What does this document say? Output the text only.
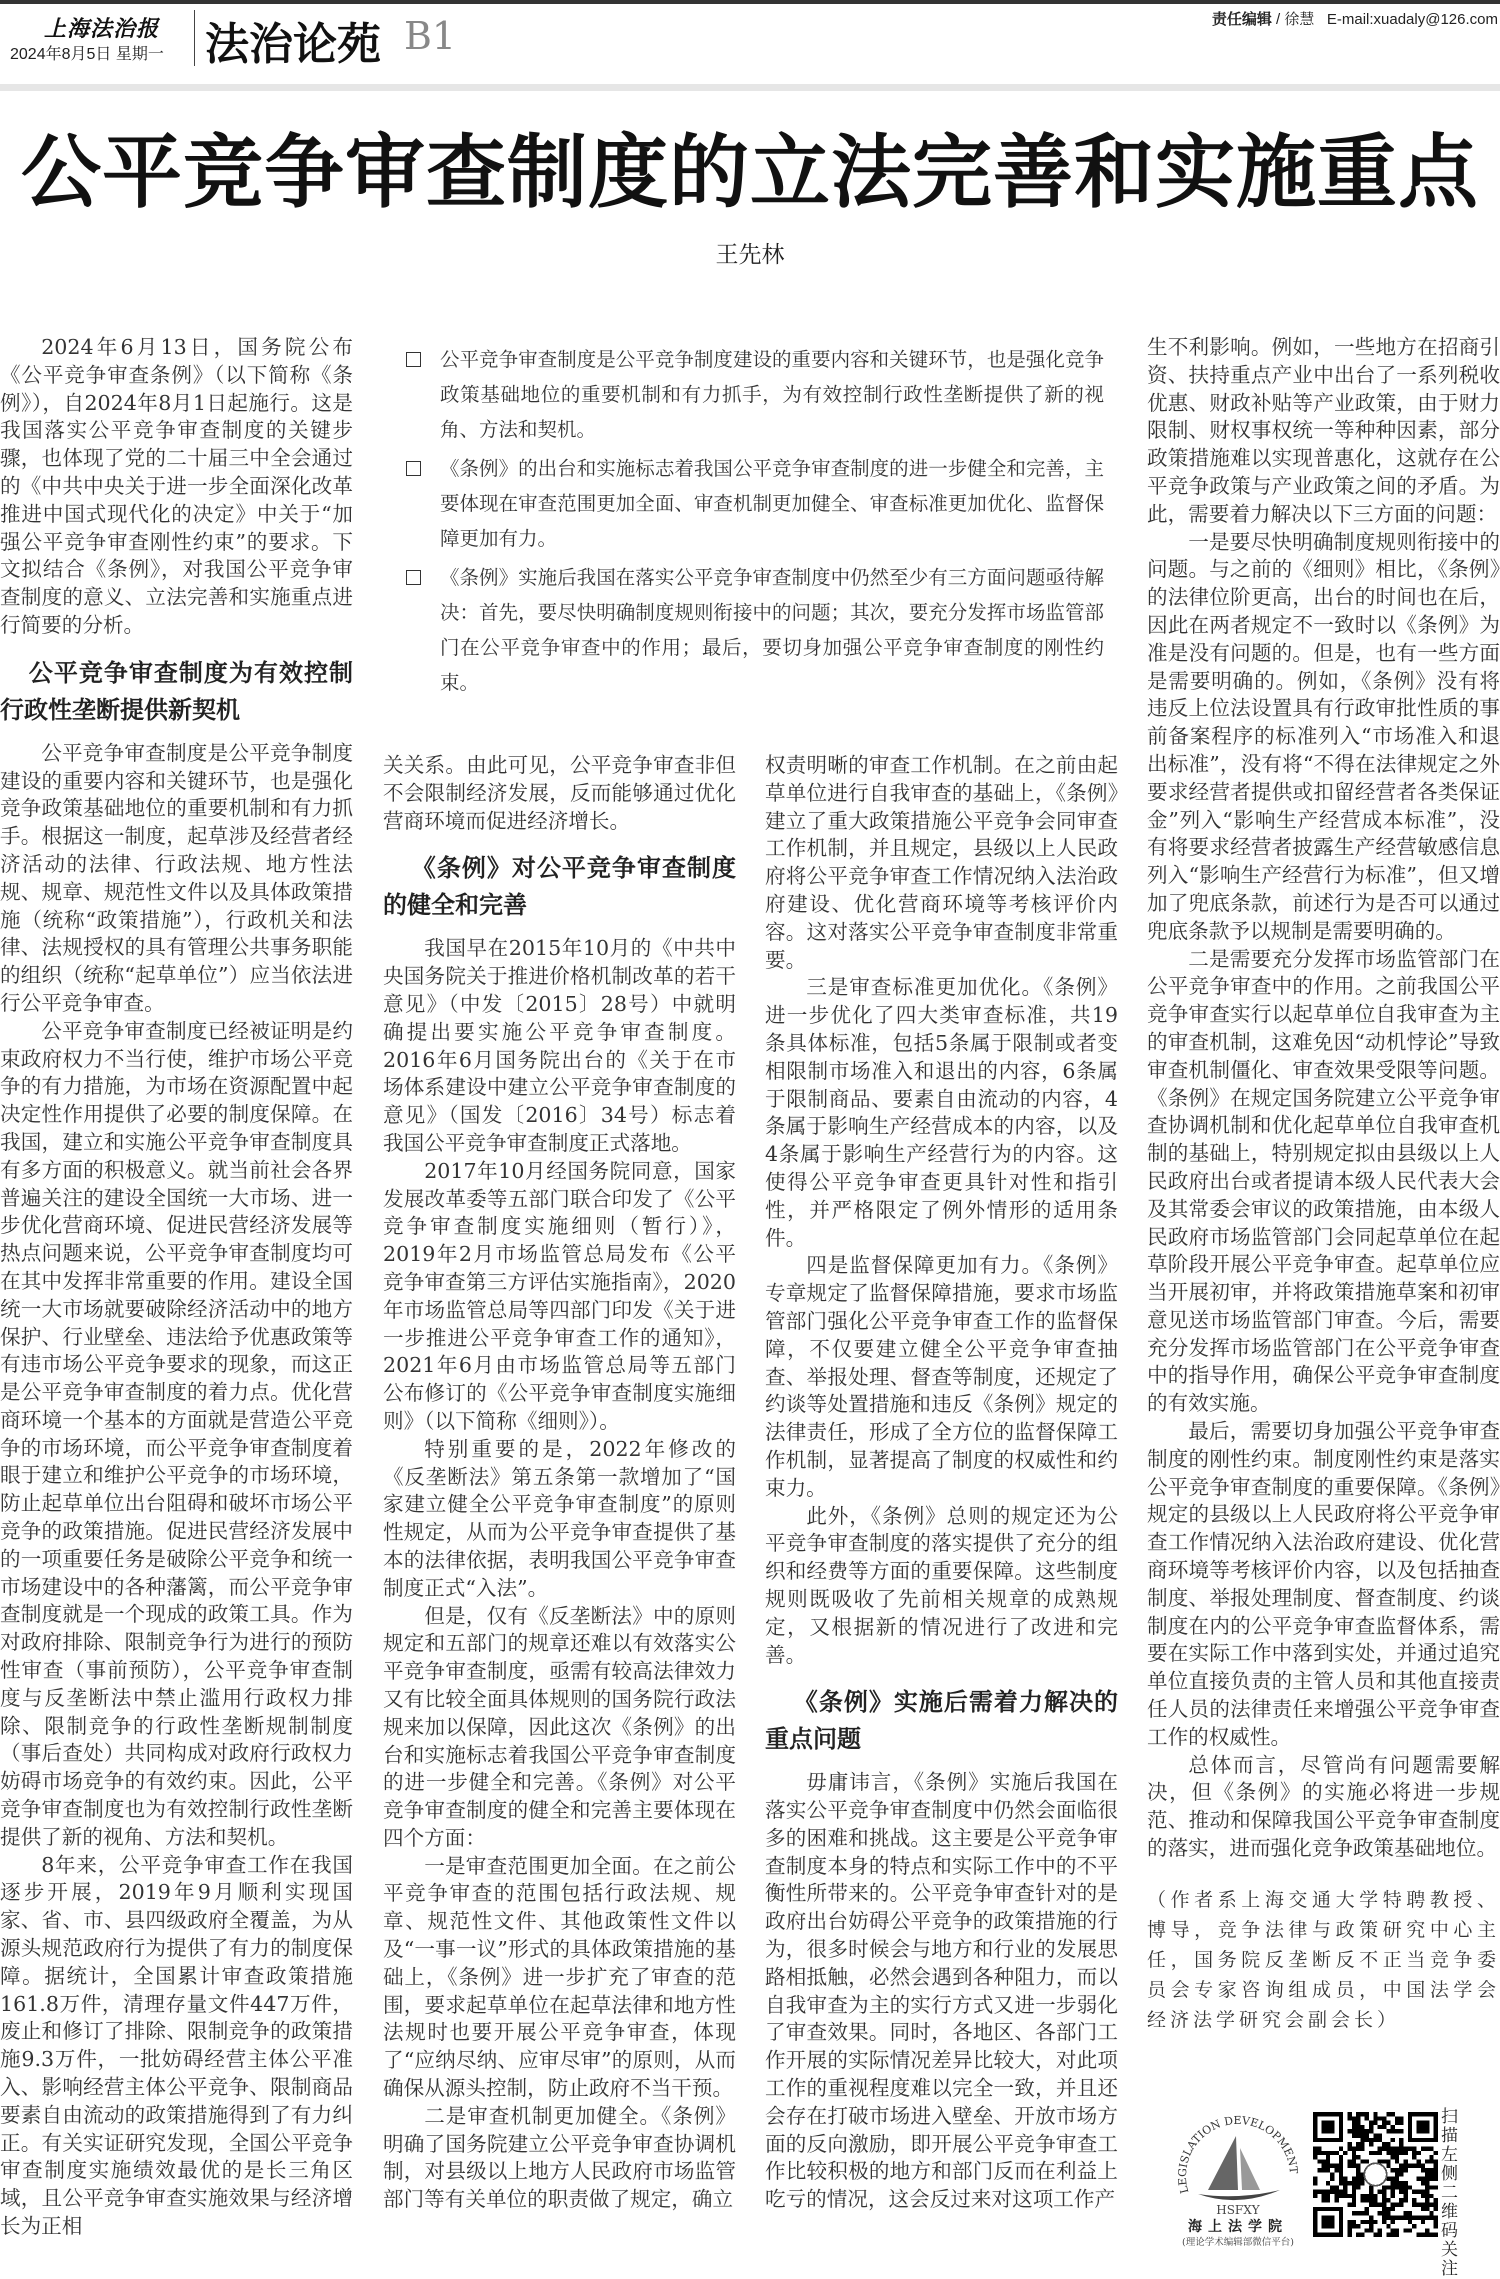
上海法治报
2024年8月5日 星期一 法治论苑 B1	责任编辑 / 徐慧 E-mail:xuadaly@126.com
公平竞争审查制度的立法完善和实施重点
王先林
公平竞争审查制度是公平竞争制度建设的重要内容和关键环节，也是强化竞争政策基础地位的重要机制和有力抓手，为有效控制行政性垄断提供了新的视角、方法和契机。
《条例》的出台和实施标志着我国公平竞争审查制度的进一步健全和完善，主要体现在审查范围更加全面、审查机制更加健全、审查标准更加优化、监督保障更加有力。
《条例》实施后我国在落实公平竞争审查制度中仍然至少有三方面问题亟待解决：首先，要尽快明确制度规则衔接中的问题；其次，要充分发挥市场监管部门在公平竞争审查中的作用；最后，要切身加强公平竞争审查制度的刚性约束。

2024年6月13日，国务院公布《公平竞争审查条例》（以下简称《条例》），自2024年8月1日起施行。这是我国落实公平竞争审查制度的关键步骤，也体现了党的二十届三中全会通过的《中共中央关于进一步全面深化改革推进中国式现代化的决定》中关于“加强公平竞争审查刚性约束”的要求。下文拟结合《条例》，对我国公平竞争审查制度的意义、立法完善和实施重点进行简要的分析。

公平竞争审查制度为有效控制行政性垄断提供新契机

公平竞争审查制度是公平竞争制度建设的重要内容和关键环节，也是强化竞争政策基础地位的重要机制和有力抓手。根据这一制度，起草涉及经营者经济活动的法律、行政法规、地方性法规、规章、规范性文件以及具体政策措施（统称“政策措施”），行政机关和法律、法规授权的具有管理公共事务职能的组织（统称“起草单位”）应当依法进行公平竞争审查。

公平竞争审查制度已经被证明是约束政府权力不当行使，维护市场公平竞争的有力措施，为市场在资源配置中起决定性作用提供了必要的制度保障。在我国，建立和实施公平竞争审查制度具有多方面的积极意义。就当前社会各界普遍关注的建设全国统一大市场、进一步优化营商环境、促进民营经济发展等热点问题来说，公平竞争审查制度均可在其中发挥非常重要的作用。建设全国统一大市场就要破除经济活动中的地方保护、行业壁垒、违法给予优惠政策等有违市场公平竞争要求的现象，而这正是公平竞争审查制度的着力点。优化营商环境一个基本的方面就是营造公平竞争的市场环境，而公平竞争审查制度着眼于建立和维护公平竞争的市场环境，防止起草单位出台阻碍和破坏市场公平竞争的政策措施。促进民营经济发展中的一项重要任务是破除公平竞争和统一市场建设中的各种藩篱，而公平竞争审查制度就是一个现成的政策工具。作为对政府排除、限制竞争行为进行的预防性审查（事前预防），公平竞争审查制度与反垄断法中禁止滥用行政权力排除、限制竞争的行政性垄断规制制度（事后查处）共同构成对政府行政权力妨碍市场竞争的有效约束。因此，公平竞争审查制度也为有效控制行政性垄断提供了新的视角、方法和契机。

8年来，公平竞争审查工作在我国逐步开展，2019年9月顺利实现国家、省、市、县四级政府全覆盖，为从源头规范政府行为提供了有力的制度保障。据统计，全国累计审查政策措施161.8万件，清理存量文件447万件，废止和修订了排除、限制竞争的政策措施9.3万件，一批妨碍经营主体公平准入、影响经营主体公平竞争、限制商品要素自由流动的政策措施得到了有力纠正。有关实证研究发现，全国公平竞争审查制度实施绩效最优的是长三角区域，且公平竞争审查实施效果与经济增长为正相

关关系。由此可见，公平竞争审查非但不会限制经济发展，反而能够通过优化营商环境而促进经济增长。

《条例》对公平竞争审查制度的健全和完善

我国早在2015年10月的《中共中央国务院关于推进价格机制改革的若干意见》（中发〔2015〕28号）中就明确提出要实施公平竞争审查制度。2016年6月国务院出台的《关于在市场体系建设中建立公平竞争审查制度的意见》（国发〔2016〕34号）标志着我国公平竞争审查制度正式落地。

2017年10月经国务院同意，国家发展改革委等五部门联合印发了《公平竞争审查制度实施细则（暂行）》，2019年2月市场监管总局发布《公平竞争审查第三方评估实施指南》，2020年市场监管总局等四部门印发《关于进一步推进公平竞争审查工作的通知》，2021年6月由市场监管总局等五部门公布修订的《公平竞争审查制度实施细则》（以下简称《细则》）。

特别重要的是，2022年修改的《反垄断法》第五条第一款增加了“国家建立健全公平竞争审查制度”的原则性规定，从而为公平竞争审查提供了基本的法律依据，表明我国公平竞争审查制度正式“入法”。

但是，仅有《反垄断法》中的原则规定和五部门的规章还难以有效落实公平竞争审查制度，亟需有较高法律效力又有比较全面具体规则的国务院行政法规来加以保障，因此这次《条例》的出台和实施标志着我国公平竞争审查制度的进一步健全和完善。《条例》对公平竞争审查制度的健全和完善主要体现在四个方面：

一是审查范围更加全面。在之前公平竞争审查的范围包括行政法规、规章、规范性文件、其他政策性文件以及“一事一议”形式的具体政策措施的基础上，《条例》进一步扩充了审查的范围，要求起草单位在起草法律和地方性法规时也要开展公平竞争审查，体现了“应纳尽纳、应审尽审”的原则，从而确保从源头控制，防止政府不当干预。

二是审查机制更加健全。《条例》明确了国务院建立公平竞争审查协调机制，对县级以上地方人民政府市场监管部门等有关单位的职责做了规定，确立

权责明晰的审查工作机制。在之前由起草单位进行自我审查的基础上，《条例》建立了重大政策措施公平竞争会同审查工作机制，并且规定，县级以上人民政府将公平竞争审查工作情况纳入法治政府建设、优化营商环境等考核评价内容。这对落实公平竞争审查制度非常重要。

三是审查标准更加优化。《条例》进一步优化了四大类审查标准，共19条具体标准，包括5条属于限制或者变相限制市场准入和退出的内容，6条属于限制商品、要素自由流动的内容，4条属于影响生产经营成本的内容，以及4条属于影响生产经营行为的内容。这使得公平竞争审查更具针对性和指引性，并严格限定了例外情形的适用条件。

四是监督保障更加有力。《条例》专章规定了监督保障措施，要求市场监管部门强化公平竞争审查工作的监督保障，不仅要建立健全公平竞争审查抽查、举报处理、督查等制度，还规定了约谈等处置措施和违反《条例》规定的法律责任，形成了全方位的监督保障工作机制，显著提高了制度的权威性和约束力。

此外，《条例》总则的规定还为公平竞争审查制度的落实提供了充分的组织和经费等方面的重要保障。这些制度规则既吸收了先前相关规章的成熟规定，又根据新的情况进行了改进和完善。

《条例》实施后需着力解决的重点问题

毋庸讳言，《条例》实施后我国在落实公平竞争审查制度中仍然会面临很多的困难和挑战。这主要是公平竞争审查制度本身的特点和实际工作中的不平衡性所带来的。公平竞争审查针对的是政府出台妨碍公平竞争的政策措施的行为，很多时候会与地方和行业的发展思路相抵触，必然会遇到各种阻力，而以自我审查为主的实行方式又进一步弱化了审查效果。同时，各地区、各部门工作开展的实际情况差异比较大，对此项工作的重视程度难以完全一致，并且还会存在打破市场进入壁垒、开放市场方面的反向激励，即开展公平竞争审查工作比较积极的地方和部门反而在利益上吃亏的情况，这会反过来对这项工作产

生不利影响。例如，一些地方在招商引资、扶持重点产业中出台了一系列税收优惠、财政补贴等产业政策，由于财力限制、财权事权统一等种种因素，部分政策措施难以实现普惠化，这就存在公平竞争政策与产业政策之间的矛盾。为此，需要着力解决以下三方面的问题：

一是要尽快明确制度规则衔接中的问题。与之前的《细则》相比，《条例》的法律位阶更高，出台的时间也在后，因此在两者规定不一致时以《条例》为准是没有问题的。但是，也有一些方面是需要明确的。例如，《条例》没有将违反上位法设置具有行政审批性质的事前备案程序的标准列入“市场准入和退出标准”，没有将“不得在法律规定之外要求经营者提供或扣留经营者各类保证金”列入“影响生产经营成本标准”，没有将要求经营者披露生产经营敏感信息列入“影响生产经营行为标准”，但又增加了兜底条款，前述行为是否可以通过兜底条款予以规制是需要明确的。

二是需要充分发挥市场监管部门在公平竞争审查中的作用。之前我国公平竞争审查实行以起草单位自我审查为主的审查机制，这难免因“动机悖论”导致审查机制僵化、审查效果受限等问题。《条例》在规定国务院建立公平竞争审查协调机制和优化起草单位自我审查机制的基础上，特别规定拟由县级以上人民政府出台或者提请本级人民代表大会及其常委会审议的政策措施，由本级人民政府市场监管部门会同起草单位在起草阶段开展公平竞争审查。起草单位应当开展初审，并将政策措施草案和初审意见送市场监管部门审查。今后，需要充分发挥市场监管部门在公平竞争审查中的指导作用，确保公平竞争审查制度的有效实施。

最后，需要切身加强公平竞争审查制度的刚性约束。制度刚性约束是落实公平竞争审查制度的重要保障。《条例》规定的县级以上人民政府将公平竞争审查工作情况纳入法治政府建设、优化营商环境等考核评价内容，以及包括抽查制度、举报处理制度、督查制度、约谈制度在内的公平竞争审查监督体系，需要在实际工作中落到实处，并通过追究单位直接负责的主管人员和其他直接责任人员的法律责任来增强公平竞争审查工作的权威性。

总体而言，尽管尚有问题需要解决，但《条例》的实施必将进一步规范、推动和保障我国公平竞争审查制度的落实，进而强化竞争政策基础地位。

（作者系上海交通大学特聘教授、博导，竞争法律与政策研究中心主任，国务院反垄断反不正当竞争委员会专家咨询组成员，中国法学会经济法学研究会副会长）

LEGISLATION DEVELOPMENT
HSFXY
海上法学院
(理论学术编辑部微信平台)
扫描左侧二维码关注
